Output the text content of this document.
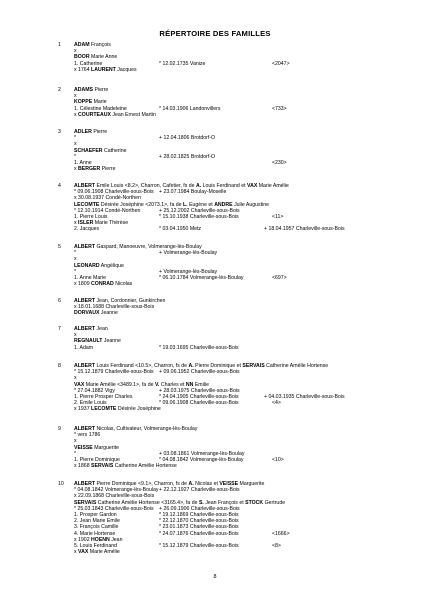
RÉPERTOIRE DES FAMILLES
1	ADAM François
x
BOOR Marie Anne
1. Catherine	* 12.02.1735 Vanize	<2047>
x 1764 LAURENT Jacques
2	ADAMS Pierre
x
KOPPE Marie
1. Célestine Madeleine	* 14.03.1906 Landonvillers	<733>
x COURTEAUX Jean Ernest Martin
3	ADLER Pierre
*	+ 12.04.1806 Brotdorf-O
x
SCHAEFER Catherine
*	+ 28.02.1825 Brotdorf-O
1. Anne	<230>
x BERGER Pierre
4	ALBERT Emile Louis <8.2>, Charron, Cafetier, fs de A. Louis Ferdinand et VAX Marie Amélie
* 09.06.1908 Charleville-sous-Bois + 23.07.1984 Boulay-Moselle
x 30.08.1937 Condé-Northen
LECOMTE Désirée Joséphine <2073.1>, fa de L. Eugène et ANDRE Julie Augustine
* 12.10.1914 Condé-Northen	+ 25.12.2002 Charleville-sous-Bois
1. Pierre Louis	* 15.10.1938 Charleville-sous-Bois	<11>
x ISLER Marie Thérèse
2. Jacques	* 03.04.1950 Metz	+ 18.04.1957 Charleville-sous-Bois
5	ALBERT Gaspard, Manoeuvre, Volmerange-lès-Boulay
*	+ Volmerange-lès-Boulay
x
LEONARD Angélique
*	+ Volmerange-lès-Boulay
1. Anne Marie	* 06.10.1784 Volmerange-lès-Boulay	<697>
x 1809 CONRAD Nicolas
6	ALBERT Jean, Cordonnier, Gunkirchen
x 18.01.1688 Charleville-sous-Bois
DORVAUX Jeanne
7	ALBERT Jean
x
REGNAULT Jeanne
1. Adam	* 19.03.1695 Charleville-sous-Bois
8	ALBERT Louis Ferdinand <10.5>, Charron, fs de A. Pierre Dominique et SERVAIS Catherine Amélie Hortense
* 15.12.1879 Charleville-sous-Bois + 09.06.1952 Charleville-sous-Bois
x
VAX Marie Amélie <3489.1>, fa de V. Charles et NN Emilie
* 27.04.1882 Vigy	+ 28.03.1975 Charleville-sous-Bois
1. Pierre Prosper Charles	* 24.04.1905 Charleville-sous-Bois	+ 04.03.1935 Charleville-sous-Bois
2. Emile Louis	* 09.06.1908 Charleville-sous-Bois	<4>
x 1937 LECOMTE Désirée Joséphine
9	ALBERT Nicolas, Cultivateur, Volmerange-lès-Boulay
* vers 1786
x
VEISSE Marguerite
*	+ 03.08.1861 Volmerange-lès-Boulay
1. Pierre Dominique	* 04.08.1842 Volmerange-lès-Boulay	<10>
x 1868 SERVAIS Catherine Amélie Hortense
10	ALBERT Pierre Dominique <9.1>, Charron, fs de A. Nicolas et VEISSE Marguerite
* 04.08.1842 Volmerange-lès-Boulay + 22.12.1927 Charleville-sous-Bois
x 22.09.1868 Charleville-sous-Bois
SERVAIS Catherine Amélie Hortense <3165.4>, fa de S. Jean François et STOCK Gertrude
* 25.03.1843 Charleville-sous-Bois + 26.09.1906 Charleville-sous-Bois
1. Prosper Gardon	* 19.12.1869 Charleville-sous-Bois
2. Jean Marie Emile	* 22.12.1870 Charleville-sous-Bois
3. François Camille	* 23.01.1873 Charleville-sous-Bois
4. Marie Hortense	* 24.07.1876 Charleville-sous-Bois	<1666>
x 1902 HOENN Jean
5. Louis Ferdinand	* 15.12.1879 Charleville-sous-Bois	<8>
x VAX Marie Amélie
8
